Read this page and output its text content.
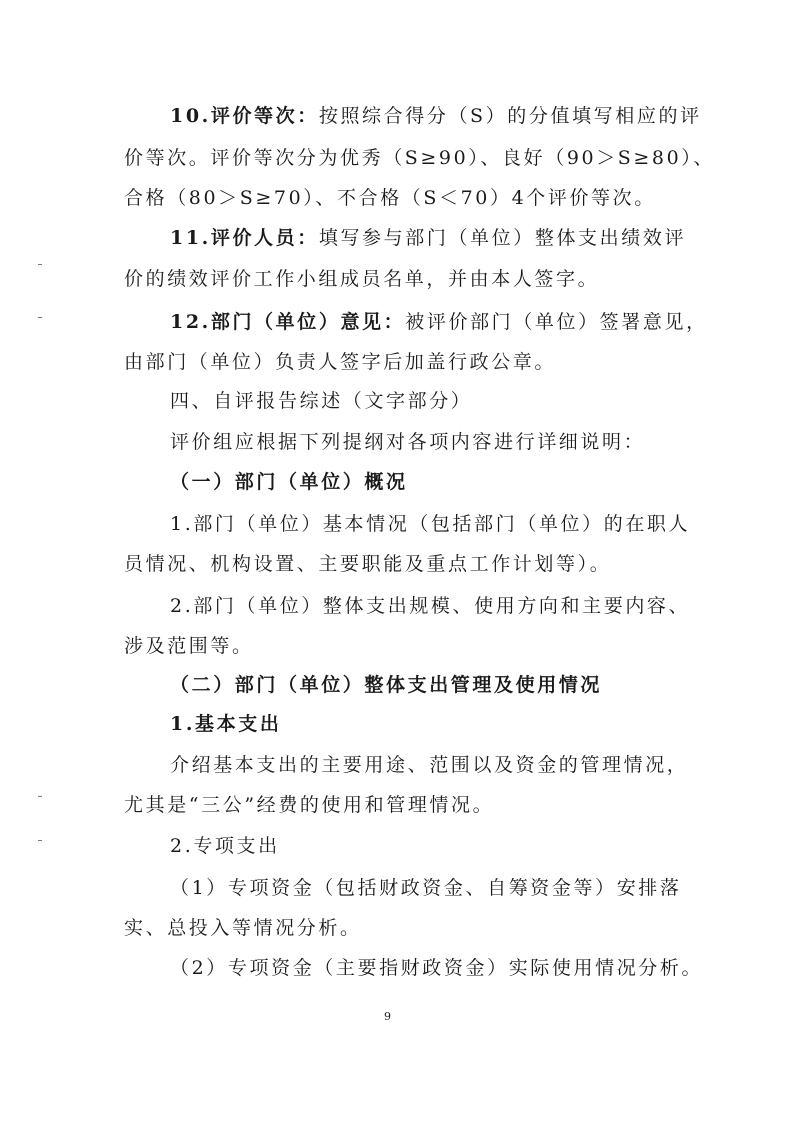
10.评价等次：按照综合得分（S）的分值填写相应的评
价等次。评价等次分为优秀（S≥90）、良好（90＞S≥80）、
合格（80＞S≥70）、不合格（S＜70）4个评价等次。
11.评价人员：填写参与部门（单位）整体支出绩效评
价的绩效评价工作小组成员名单，并由本人签字。
12.部门（单位）意见：被评价部门（单位）签署意见，
由部门（单位）负责人签字后加盖行政公章。
四、自评报告综述（文字部分）
评价组应根据下列提纲对各项内容进行详细说明：
（一）部门（单位）概况
1.部门（单位）基本情况（包括部门（单位）的在职人
员情况、机构设置、主要职能及重点工作计划等）。
2.部门（单位）整体支出规模、使用方向和主要内容、
涉及范围等。
（二）部门（单位）整体支出管理及使用情况
1.基本支出
介绍基本支出的主要用途、范围以及资金的管理情况，
尤其是“三公”经费的使用和管理情况。
2.专项支出
（1）专项资金（包括财政资金、自筹资金等）安排落
实、总投入等情况分析。
（2）专项资金（主要指财政资金）实际使用情况分析。
9
